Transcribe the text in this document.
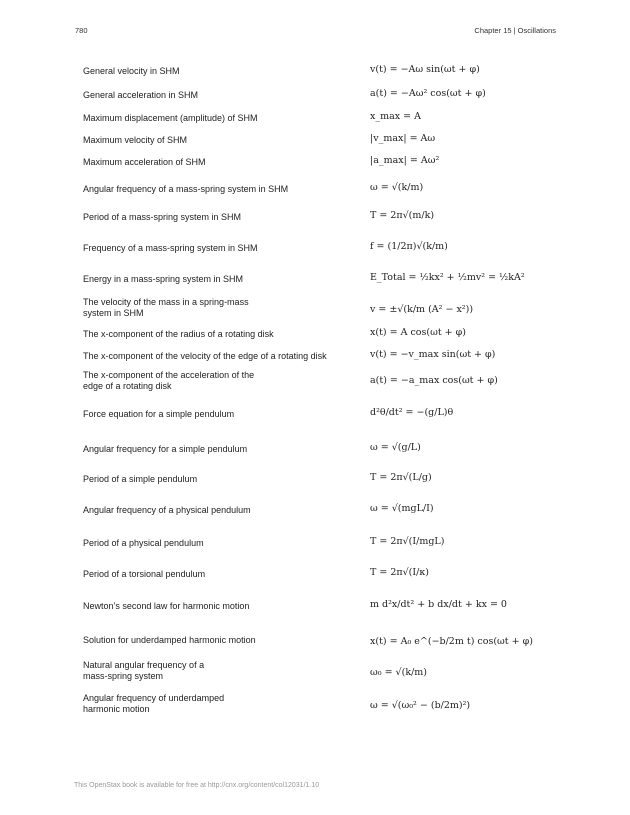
780	Chapter 15 | Oscillations
General velocity in SHM	v(t) = −Aω sin(ωt + φ)
General acceleration in SHM	a(t) = −Aω² cos(ωt + φ)
Maximum displacement (amplitude) of SHM	x_max = A
Maximum velocity of SHM	|v_max| = Aω
Maximum acceleration of SHM	|a_max| = Aω²
Angular frequency of a mass-spring system in SHM	ω = √(k/m)
Period of a mass-spring system in SHM	T = 2π√(m/k)
Frequency of a mass-spring system in SHM	f = (1/2π)√(k/m)
Energy in a mass-spring system in SHM	E_Total = ½kx² + ½mv² = ½kA²
The velocity of the mass in a spring-mass
system in SHM	v = ±√(k/m (A² − x²))
The x-component of the radius of a rotating disk	x(t) = A cos(ωt + φ)
The x-component of the velocity of the edge of a rotating disk	v(t) = −v_max sin(ωt + φ)
The x-component of the acceleration of the
edge of a rotating disk	a(t) = −a_max cos(ωt + φ)
Force equation for a simple pendulum	d²θ/dt² = −(g/L)θ
Angular frequency for a simple pendulum	ω = √(g/L)
Period of a simple pendulum	T = 2π√(L/g)
Angular frequency of a physical pendulum	ω = √(mgL/I)
Period of a physical pendulum	T = 2π√(I/mgL)
Period of a torsional pendulum	T = 2π√(I/κ)
Newton’s second law for harmonic motion	m d²x/dt² + b dx/dt + kx = 0
Solution for underdamped harmonic motion	x(t) = A₀ e^(−b/2m t) cos(ωt + φ)
Natural angular frequency of a
mass-spring system	ω₀ = √(k/m)
Angular frequency of underdamped
harmonic motion	ω = √(ω₀² − (b/2m)²)
This OpenStax book is available for free at http://cnx.org/content/col12031/1.10
